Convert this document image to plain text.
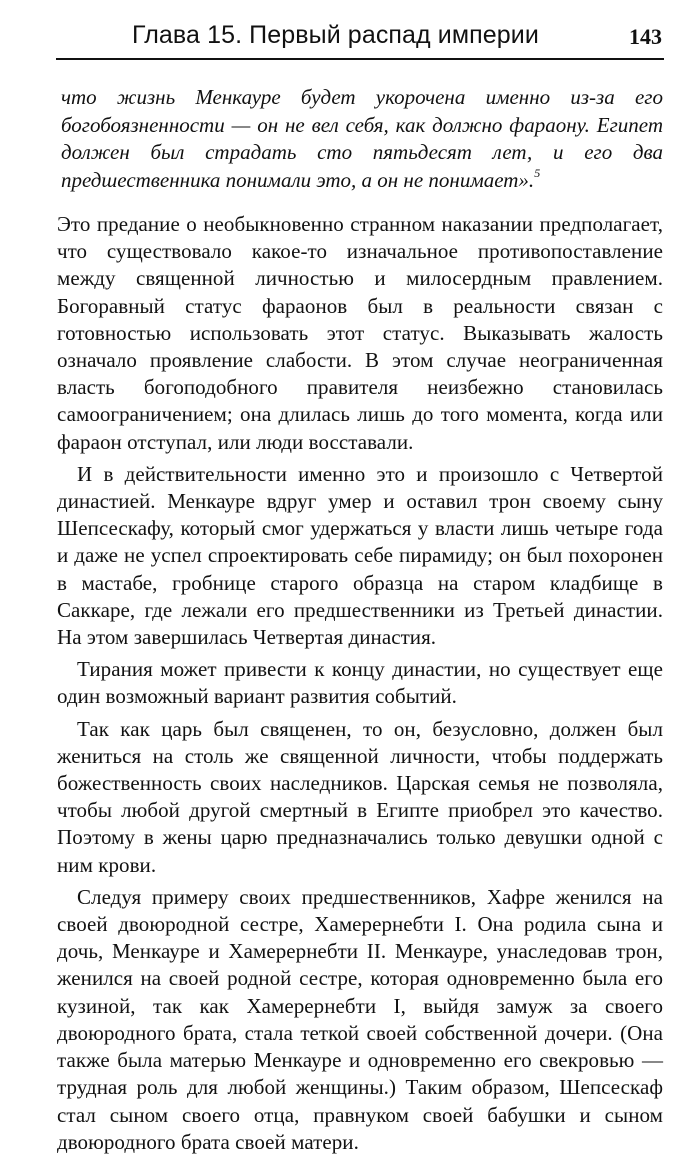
Глава 15. Первый распад империи	143

что жизнь Менкауре будет укорочена именно из-за его богобоязненности — он не вел себя, как должно фараону. Египет должен был страдать сто пятьдесят лет, и его два предшественника понимали это, а он не понимает».$^5$

Это предание о необыкновенно странном наказании предполагает, что существовало какое-то изначальное противопоставление между священной личностью и милосердным правлением. Богоравный статус фараонов был в реальности связан с готовностью использовать этот статус. Выказывать жалость означало проявление слабости. В этом случае неограниченная власть богоподобного правителя неизбежно становилась самоограничением; она длилась лишь до того момента, когда или фараон отступал, или люди восставали.

И в действительности именно это и произошло с Четвертой династией. Менкауре вдруг умер и оставил трон своему сыну Шепсескафу, который смог удержаться у власти лишь четыре года и даже не успел спроектировать себе пирамиду; он был похоронен в мастабе, гробнице старого образца на старом кладбище в Саккаре, где лежали его предшественники из Третьей династии. На этом завершилась Четвертая династия.

Тирания может привести к концу династии, но существует еще один возможный вариант развития событий.

Так как царь был священен, то он, безусловно, должен был жениться на столь же священной личности, чтобы поддержать божественность своих наследников. Царская семья не позволяла, чтобы любой другой смертный в Египте приобрел это качество. Поэтому в жены царю предназначались только девушки одной с ним крови.

Следуя примеру своих предшественников, Хафре женился на своей двоюродной сестре, Хамерернебти I. Она родила сына и дочь, Менкауре и Хамерернебти II. Менкауре, унаследовав трон, женился на своей родной сестре, которая одновременно была его кузиной, так как Хамерернебти I, выйдя замуж за своего двоюродного брата, стала теткой своей собственной дочери. (Она также была матерью Менкауре и одновременно его свекровью — трудная роль для любой женщины.) Таким образом, Шепсескаф стал сыном своего отца, правнуком своей бабушки и сыном двоюродного брата своей матери.
